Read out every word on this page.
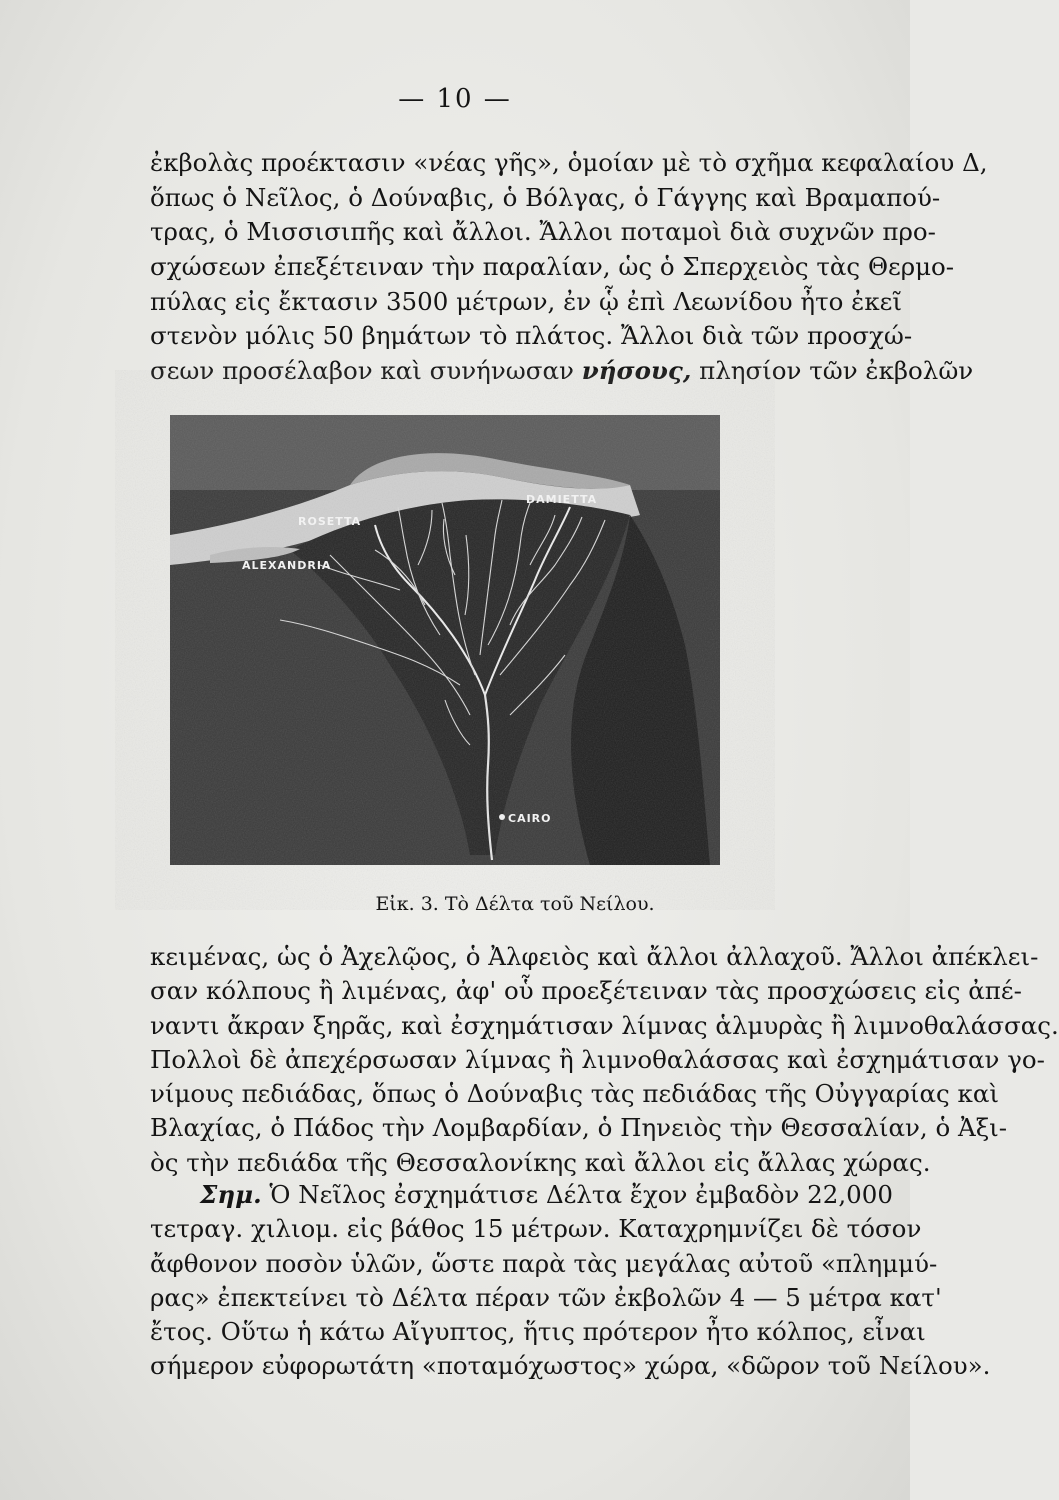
— 10 —
ἐκβολὰς προέκτασιν «νέας γῆς», ὁμοίαν μὲ τὸ σχῆμα κεφαλαίου Δ,
ὅπως ὁ Νεῖλος, ὁ Δούναβις, ὁ Βόλγας, ὁ Γάγγης καὶ Βραμαπού-
τρας, ὁ Μισσισιπῆς καὶ ἄλλοι. Ἄλλοι ποταμοὶ διὰ συχνῶν προ-
σχώσεων ἐπεξέτειναν τὴν παραλίαν, ὡς ὁ Σπερχειὸς τὰς Θερμο-
πύλας εἰς ἔκτασιν 3500 μέτρων, ἐν ᾧ ἐπὶ Λεωνίδου ἦτο ἐκεῖ
στενὸν μόλις 50 βημάτων τὸ πλάτος. Ἄλλοι διὰ τῶν προσχώ-
σεων προσέλαβον καὶ συνήνωσαν νήσους, πλησίον τῶν ἐκβολῶν
ROSETTA
DAMIETTA
ALEXANDRIA
CAIRO
Εἰκ. 3. Τὸ Δέλτα τοῦ Νείλου.
κειμένας, ὡς ὁ Ἀχελῷος, ὁ Ἀλφειὸς καὶ ἄλλοι ἀλλαχοῦ. Ἄλλοι ἀπέκλει-
σαν κόλπους ἢ λιμένας, ἀφ' οὗ προεξέτειναν τὰς προσχώσεις εἰς ἀπέ-
ναντι ἄκραν ξηρᾶς, καὶ ἐσχημάτισαν λίμνας ἁλμυρὰς ἢ λιμνοθαλάσσας.
Πολλοὶ δὲ ἀπεχέρσωσαν λίμνας ἢ λιμνοθαλάσσας καὶ ἐσχημάτισαν γο-
νίμους πεδιάδας, ὅπως ὁ Δούναβις τὰς πεδιάδας τῆς Οὐγγαρίας καὶ
Βλαχίας, ὁ Πάδος τὴν Λομβαρδίαν, ὁ Πηνειὸς τὴν Θεσσαλίαν, ὁ Ἀξι-
ὸς τὴν πεδιάδα τῆς Θεσσαλονίκης καὶ ἄλλοι εἰς ἄλλας χώρας.
Σημ. Ὁ Νεῖλος ἐσχημάτισε Δέλτα ἔχον ἐμβαδὸν 22,000
τετραγ. χιλιομ. εἰς βάθος 15 μέτρων. Καταχρημνίζει δὲ τόσον
ἄφθονον ποσὸν ὑλῶν, ὥστε παρὰ τὰς μεγάλας αὐτοῦ «πλημμύ-
ρας» ἐπεκτείνει τὸ Δέλτα πέραν τῶν ἐκβολῶν 4 — 5 μέτρα κατ'
ἔτος. Οὕτω ἡ κάτω Αἴγυπτος, ἥτις πρότερον ἦτο κόλπος, εἶναι
σήμερον εὐφορωτάτη «ποταμόχωστος» χώρα, «δῶρον τοῦ Νείλου».
